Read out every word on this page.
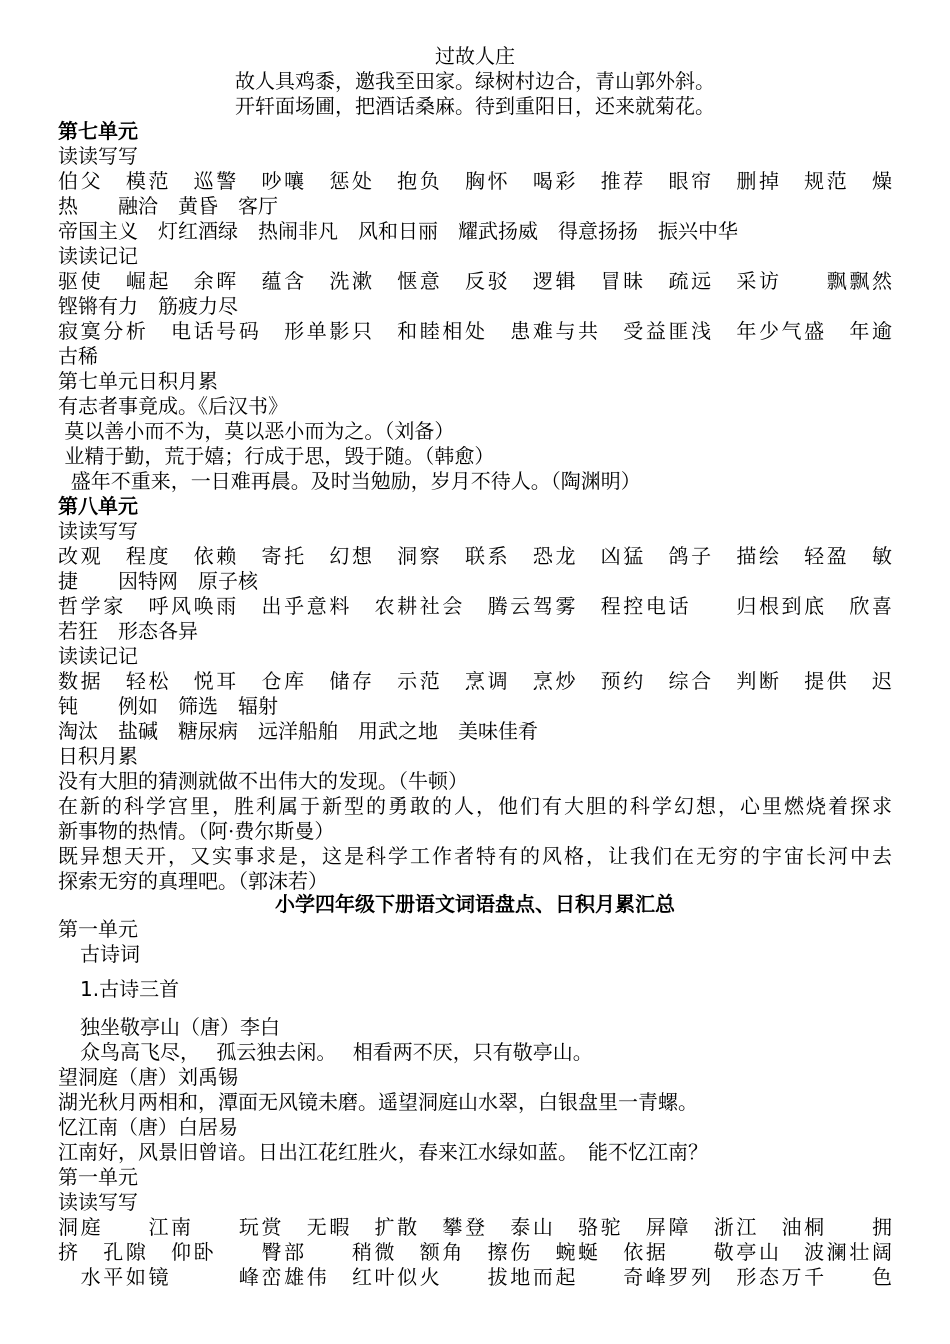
过故人庄
故人具鸡黍，邀我至田家。绿树村边合，青山郭外斜。
开轩面场圃，把酒话桑麻。待到重阳日，还来就菊花。
第七单元
读读写写
伯父　模范　巡警　吵嚷　惩处　抱负　胸怀　喝彩　推荐　眼帘　删掉　规范　燥
热　　融洽　黄昏　客厅
帝国主义　灯红酒绿　热闹非凡　风和日丽　耀武扬威　得意扬扬　振兴中华
读读记记
驱使　崛起　余晖　蕴含　洗漱　惬意　反驳　逻辑　冒昧　疏远　采访　　飘飘然
铿锵有力　筋疲力尽
寂寞分析　电话号码　形单影只　和睦相处　患难与共　受益匪浅　年少气盛　年逾
古稀
第七单元日积月累
有志者事竟成。《后汉书》
莫以善小而不为，莫以恶小而为之。（刘备）
业精于勤，荒于嬉；行成于思，毁于随。（韩愈）
盛年不重来，一日难再晨。及时当勉励，岁月不待人。（陶渊明）
第八单元
读读写写
改观　程度　依赖　寄托　幻想　洞察　联系　恐龙　凶猛　鸽子　描绘　轻盈　敏
捷　　因特网　原子核
哲学家　呼风唤雨　出乎意料　农耕社会　腾云驾雾　程控电话　　归根到底　欣喜
若狂　形态各异
读读记记
数据　轻松　悦耳　仓库　储存　示范　烹调　烹炒　预约　综合　判断　提供　迟
钝　　例如　筛选　辐射
淘汰　盐碱　糖尿病　远洋船舶　用武之地　美味佳肴
日积月累
没有大胆的猜测就做不出伟大的发现。（牛顿）
在新的科学宫里，胜利属于新型的勇敢的人，他们有大胆的科学幻想，心里燃烧着探求
新事物的热情。（阿·费尔斯曼）
既异想天开，又实事求是，这是科学工作者特有的风格，让我们在无穷的宇宙长河中去
探索无穷的真理吧。（郭沫若）
小学四年级下册语文词语盘点、日积月累汇总
第一单元
古诗词
1.古诗三首
独坐敬亭山（唐）李白
众鸟高飞尽，　 孤云独去闲。　 相看两不厌，只有敬亭山。
望洞庭（唐）刘禹锡
湖光秋月两相和，潭面无风镜未磨。遥望洞庭山水翠，白银盘里一青螺。
忆江南（唐）白居易
江南好，风景旧曾谙。日出江花红胜火，春来江水绿如蓝。　能不忆江南？
第一单元
读读写写
洞庭　　江南　　玩赏　无暇　扩散　攀登　泰山　骆驼　屏障　浙江　油桐　　拥
挤　孔隙　仰卧　　臀部　　稍微　额角　擦伤　蜿蜒　依据　　敬亭山　波澜壮阔
　水平如镜　　　峰峦雄伟　红叶似火　　拔地而起　　奇峰罗列　形态万千　　色
